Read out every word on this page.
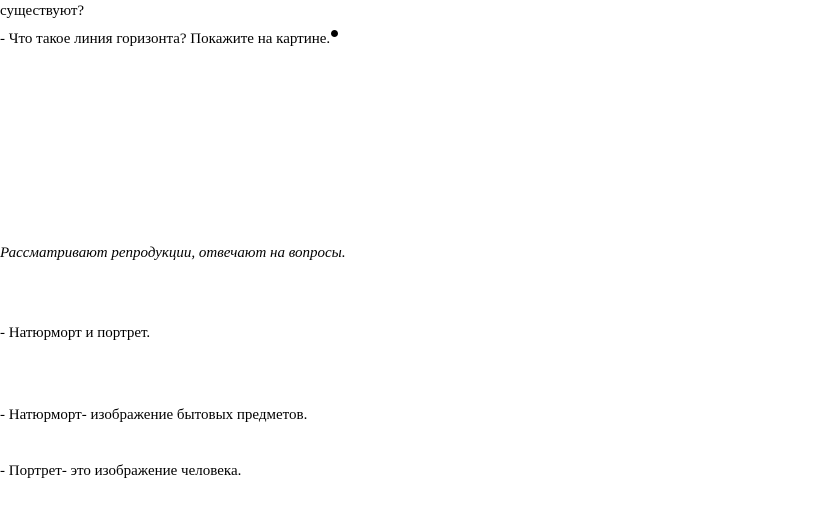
существуют?
- Что такое линия горизонта? Покажите на картине.
Рассматривают репродукции, отвечают на вопросы.
- Натюрморт и портрет.
- Натюрморт- изображение бытовых предметов.
- Портрет- это изображение человека.
